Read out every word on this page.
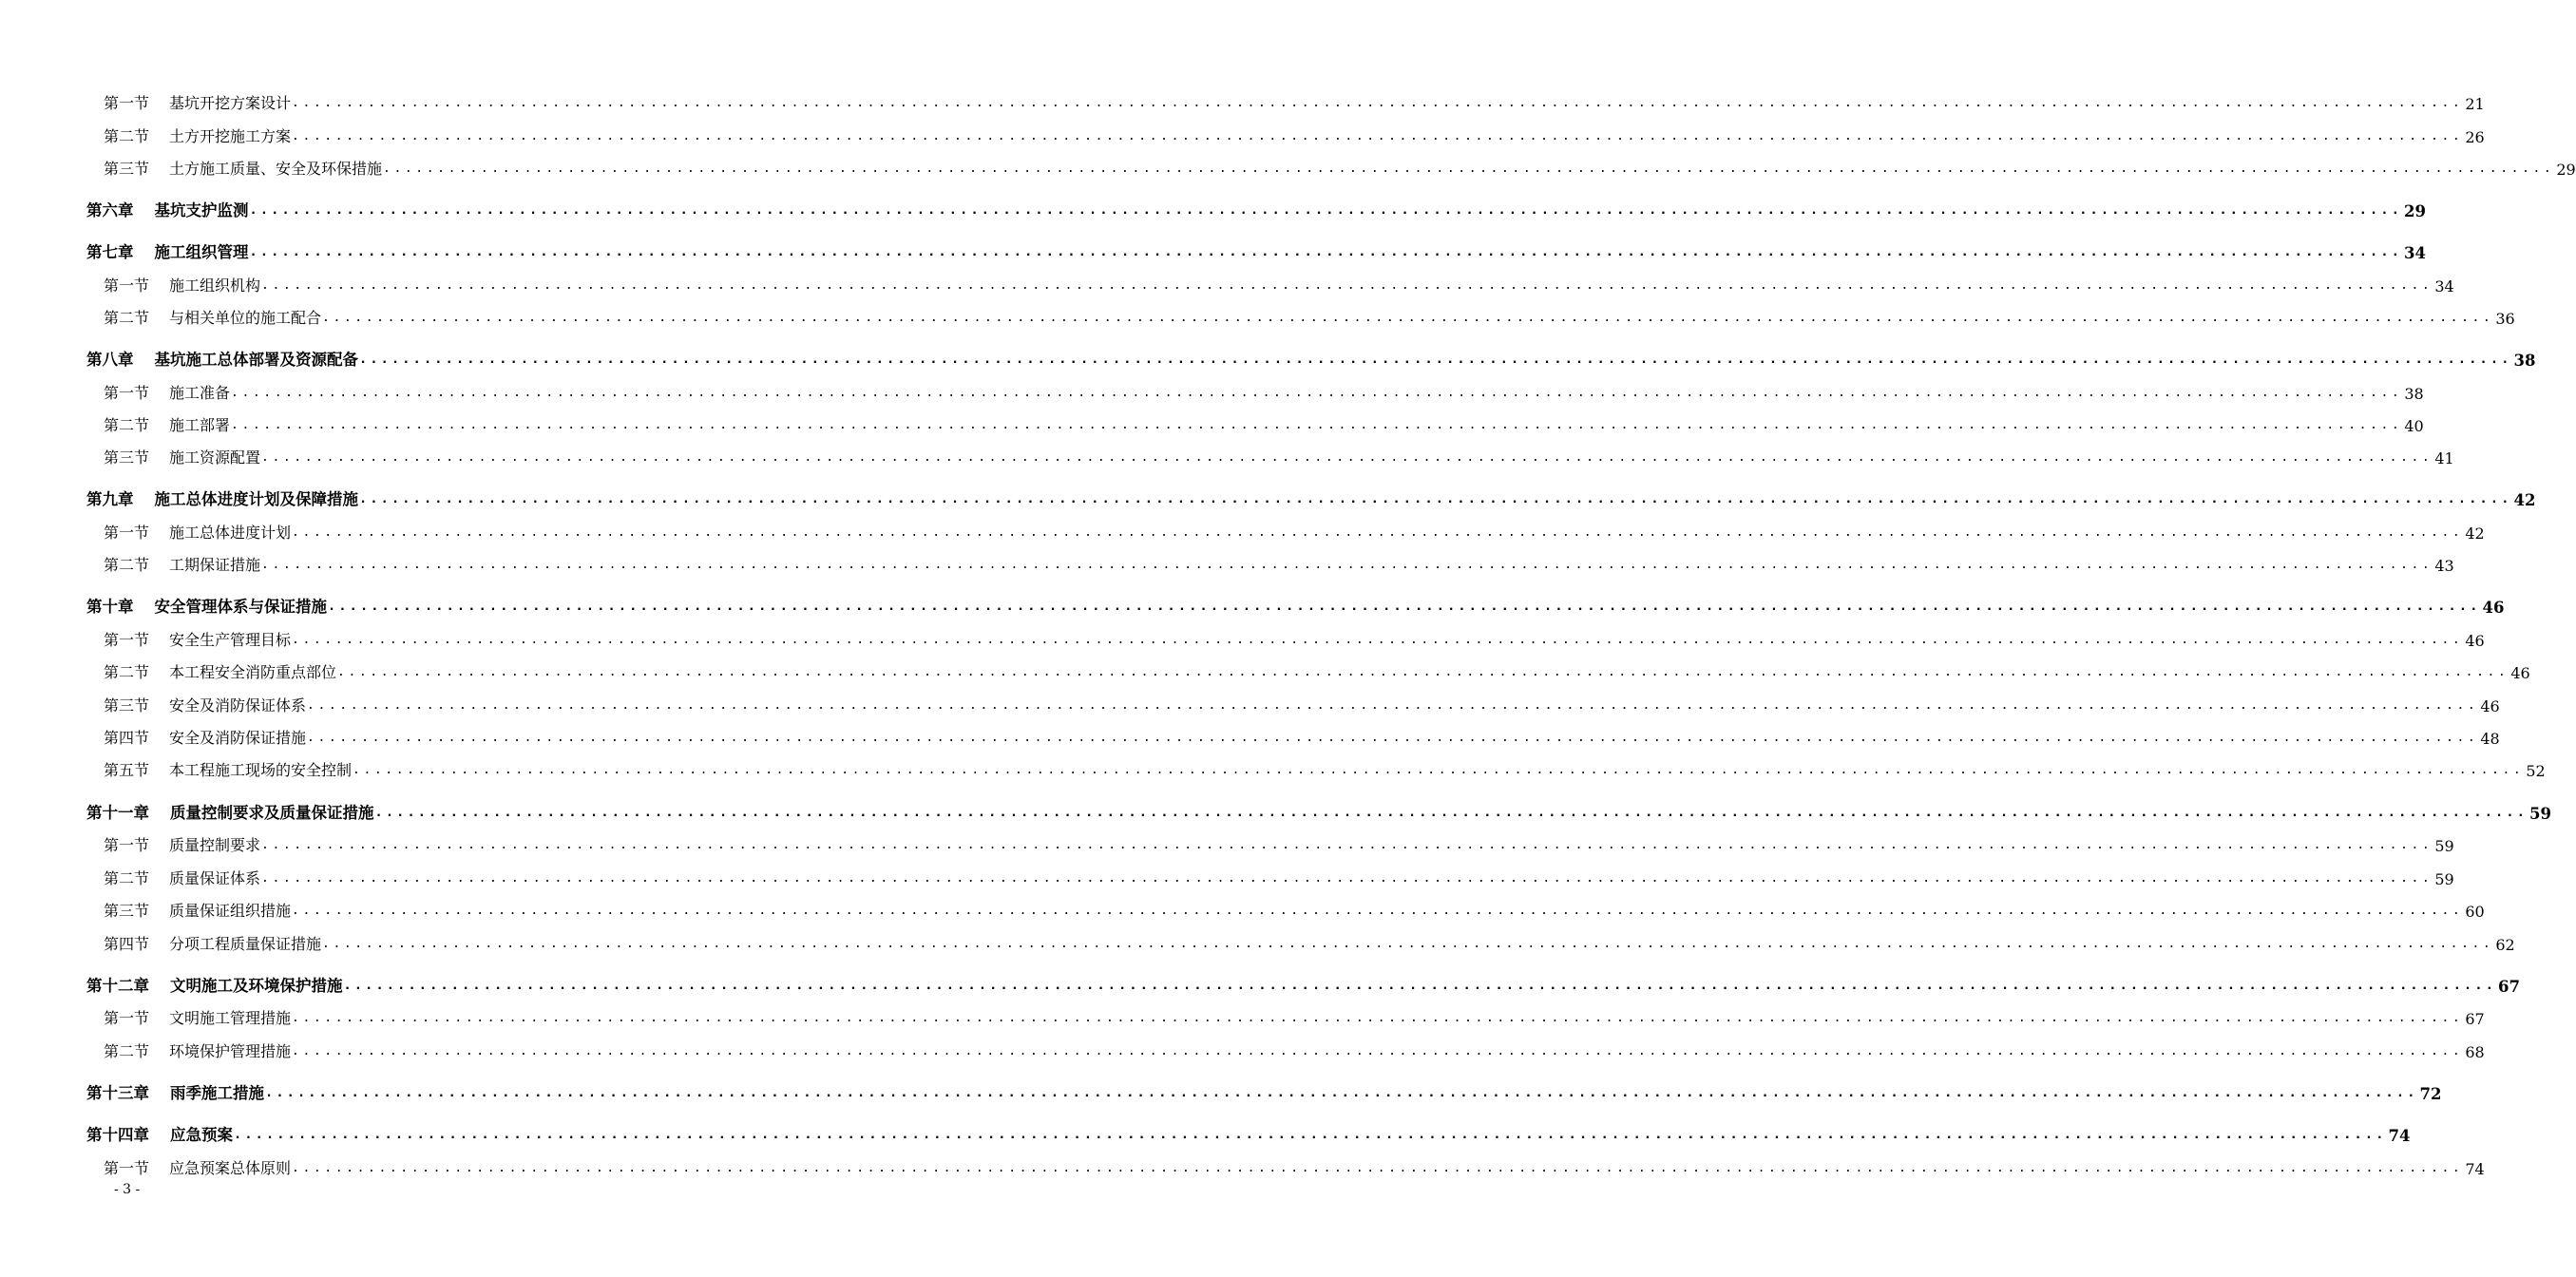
第一节 基坑开挖方案设计 ........................................................................................................................................................................................................ 21
第二节 土方开挖施工方案 ........................................................................................................................................................................................................ 26
第三节 土方施工质量、安全及环保措施 ........................................................................................................................................................................................................ 29
第六章 基坑支护监测 ........................................................................................................................................................................................................ 29
第七章 施工组织管理 ........................................................................................................................................................................................................ 34
第一节 施工组织机构 ........................................................................................................................................................................................................ 34
第二节 与相关单位的施工配合 ........................................................................................................................................................................................................ 36
第八章 基坑施工总体部署及资源配备 ........................................................................................................................................................................................................ 38
第一节 施工准备 ........................................................................................................................................................................................................ 38
第二节 施工部署 ........................................................................................................................................................................................................ 40
第三节 施工资源配置 ........................................................................................................................................................................................................ 41
第九章 施工总体进度计划及保障措施 ........................................................................................................................................................................................................ 42
第一节 施工总体进度计划 ........................................................................................................................................................................................................ 42
第二节 工期保证措施 ........................................................................................................................................................................................................ 43
第十章 安全管理体系与保证措施 ........................................................................................................................................................................................................ 46
第一节 安全生产管理目标 ........................................................................................................................................................................................................ 46
第二节 本工程安全消防重点部位 ........................................................................................................................................................................................................ 46
第三节 安全及消防保证体系 ........................................................................................................................................................................................................ 46
第四节 安全及消防保证措施 ........................................................................................................................................................................................................ 48
第五节 本工程施工现场的安全控制 ........................................................................................................................................................................................................ 52
第十一章 质量控制要求及质量保证措施 ........................................................................................................................................................................................................ 59
第一节 质量控制要求 ........................................................................................................................................................................................................ 59
第二节 质量保证体系 ........................................................................................................................................................................................................ 59
第三节 质量保证组织措施 ........................................................................................................................................................................................................ 60
第四节 分项工程质量保证措施 ........................................................................................................................................................................................................ 62
第十二章 文明施工及环境保护措施 ........................................................................................................................................................................................................ 67
第一节 文明施工管理措施 ........................................................................................................................................................................................................ 67
第二节 环境保护管理措施 ........................................................................................................................................................................................................ 68
第十三章 雨季施工措施 ........................................................................................................................................................................................................ 72
第十四章 应急预案 ........................................................................................................................................................................................................ 74
第一节 应急预案总体原则 ........................................................................................................................................................................................................ 74
- 3 -
